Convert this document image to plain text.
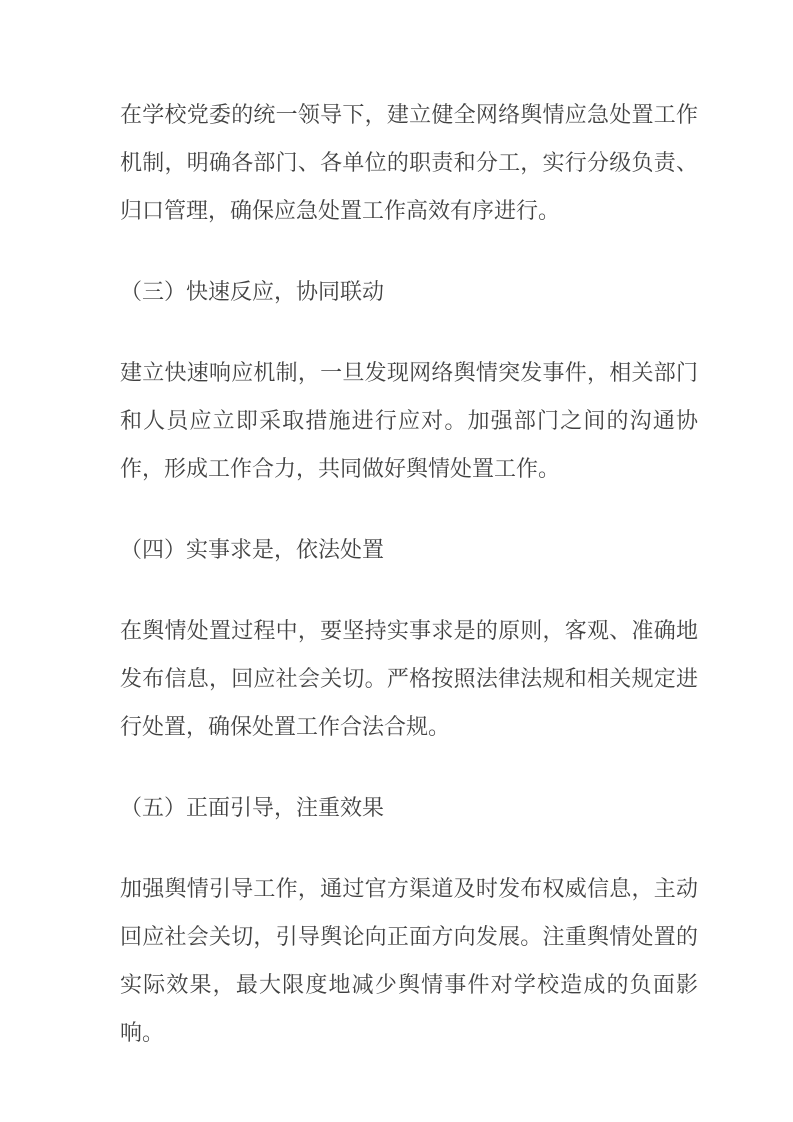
在学校党委的统一领导下，建立健全网络舆情应急处置工作机制，明确各部门、各单位的职责和分工，实行分级负责、归口管理，确保应急处置工作高效有序进行。

（三）快速反应，协同联动

建立快速响应机制，一旦发现网络舆情突发事件，相关部门和人员应立即采取措施进行应对。加强部门之间的沟通协作，形成工作合力，共同做好舆情处置工作。

（四）实事求是，依法处置

在舆情处置过程中，要坚持实事求是的原则，客观、准确地发布信息，回应社会关切。严格按照法律法规和相关规定进行处置，确保处置工作合法合规。

（五）正面引导，注重效果

加强舆情引导工作，通过官方渠道及时发布权威信息，主动回应社会关切，引导舆论向正面方向发展。注重舆情处置的实际效果，最大限度地减少舆情事件对学校造成的负面影响。
